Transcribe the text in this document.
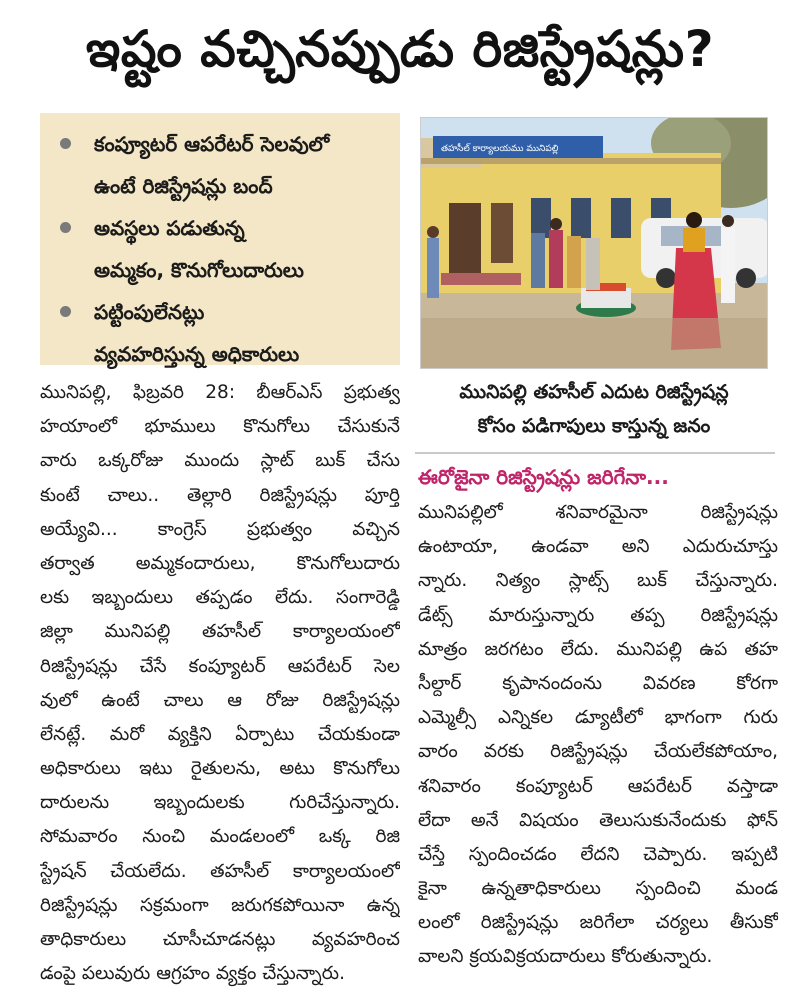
ఇష్టం వచ్చినప్పుడు రిజిస్ట్రేషన్లు?
కంప్యూటర్ ఆపరేటర్ సెలవులో
ఉంటే రిజిస్ట్రేషన్లు బంద్
అవస్థలు పడుతున్న
అమ్మకం, కొనుగోలుదారులు
పట్టింపులేనట్లు
వ్యవహరిస్తున్న అధికారులు
తహసీల్ కార్యాలయము మునిపల్లి
మునిపల్లి తహసీల్ ఎదుట రిజిస్ట్రేషన్ల
కోసం పడిగాపులు కాస్తున్న జనం
ఈరోజైనా రిజిస్ట్రేషన్లు జరిగేనా...
మునిపల్లి, ఫిబ్రవరి 28: బీఆర్ఎస్ ప్రభుత్వ
హయాంలో భూములు కొనుగోలు చేసుకునే
వారు ఒక్కరోజు ముందు స్లాట్ బుక్ చేసు
కుంటే చాలు.. తెల్లారి రిజిస్ట్రేషన్లు పూర్తి
అయ్యేవి... కాంగ్రెస్ ప్రభుత్వం వచ్చిన
తర్వాత అమ్మకందారులు, కొనుగోలుదారు
లకు ఇబ్బందులు తప్పడం లేదు. సంగారెడ్డి
జిల్లా మునిపల్లి తహసీల్ కార్యాలయంలో
రిజిస్ట్రేషన్లు చేసే కంప్యూటర్ ఆపరేటర్ సెల
వులో ఉంటే చాలు ఆ రోజు రిజిస్ట్రేషన్లు
లేనట్లే. మరో వ్యక్తిని ఏర్పాటు చేయకుండా
అధికారులు ఇటు రైతులను, అటు కొనుగోలు
దారులను ఇబ్బందులకు గురిచేస్తున్నారు.
సోమవారం నుంచి మండలంలో ఒక్క రిజి
స్ట్రేషన్ చేయలేదు. తహసీల్ కార్యాలయంలో
రిజిస్ట్రేషన్లు సక్రమంగా జరుగకపోయినా ఉన్న
తాధికారులు చూసీచూడనట్లు వ్యవహరించ
డంపై పలువురు ఆగ్రహం వ్యక్తం చేస్తున్నారు.
మునిపల్లిలో శనివారమైనా రిజిస్ట్రేషన్లు
ఉంటాయా, ఉండవా అని ఎదురుచూస్తు
న్నారు. నిత్యం స్లాట్స్ బుక్ చేస్తున్నారు.
డేట్స్ మారుస్తున్నారు తప్ప రిజిస్ట్రేషన్లు
మాత్రం జరగటం లేదు. మునిపల్లి ఉప తహ
సీల్దార్ కృపానందంను వివరణ కోరగా
ఎమ్మెల్సీ ఎన్నికల డ్యూటీలో భాగంగా గురు
వారం వరకు రిజిస్ట్రేషన్లు చేయలేకపోయాం,
శనివారం కంప్యూటర్ ఆపరేటర్ వస్తాడా
లేదా అనే విషయం తెలుసుకునేందుకు ఫోన్
చేస్తే స్పందించడం లేదని చెప్పారు. ఇప్పటి
కైనా ఉన్నతాధికారులు స్పందించి మండ
లంలో రిజిస్ట్రేషన్లు జరిగేలా చర్యలు తీసుకో
వాలని క్రయవిక్రయదారులు కోరుతున్నారు.
